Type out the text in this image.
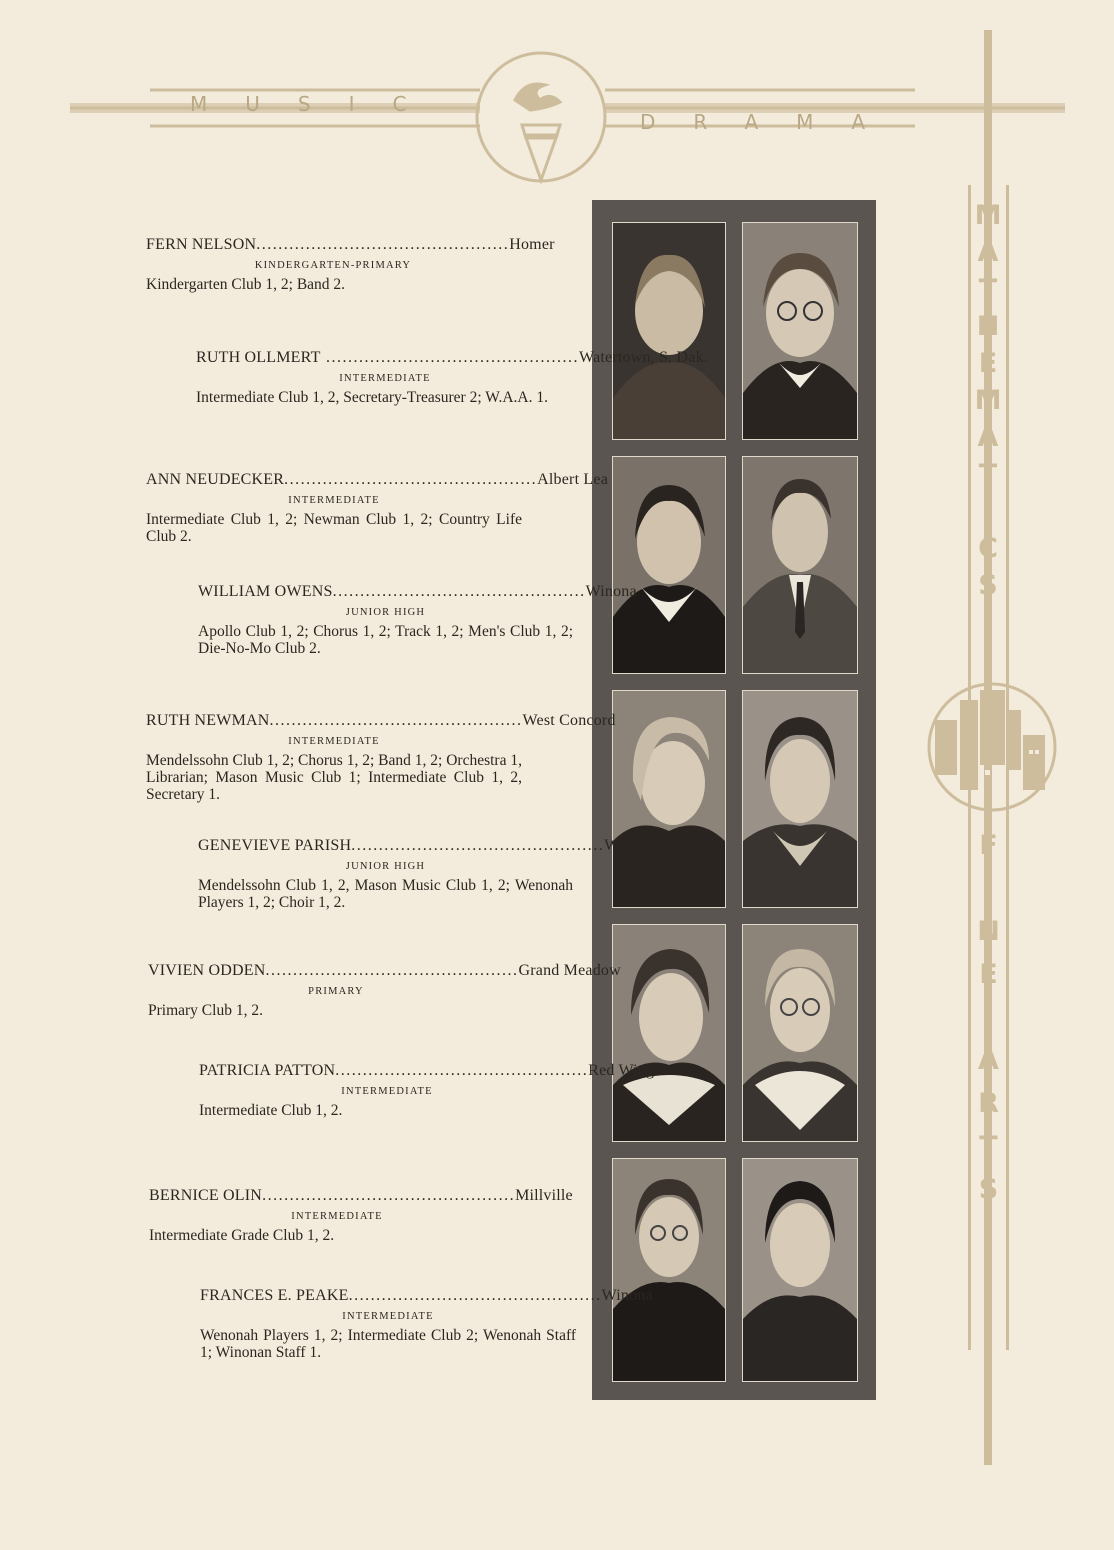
MUSIC
DRAMA
MATHEMATICS
FINE ARTS
FERN NELSON .............................................. Homer
KINDERGARTEN-PRIMARY
Kindergarten Club 1, 2; Band 2.
RUTH OLLMERT .............................................. Watertown, S. Dak.
INTERMEDIATE
Intermediate Club 1, 2, Secretary-Treasurer 2; W.A.A. 1.
ANN NEUDECKER .............................................. Albert Lea
INTERMEDIATE
Intermediate Club 1, 2; Newman Club 1, 2; Country Life Club 2.
WILLIAM OWENS .............................................. Winona
JUNIOR HIGH
Apollo Club 1, 2; Chorus 1, 2; Track 1, 2; Men's Club 1, 2; Die-No-Mo Club 2.
RUTH NEWMAN .............................................. West Concord
INTERMEDIATE
Mendelssohn Club 1, 2; Chorus 1, 2; Band 1, 2; Orchestra 1, Librarian; Mason Music Club 1; Intermediate Club 1, 2, Secretary 1.
GENEVIEVE PARISH .............................................. Winona
JUNIOR HIGH
Mendelssohn Club 1, 2, Mason Music Club 1, 2; Wenonah Players 1, 2; Choir 1, 2.
VIVIEN ODDEN .............................................. Grand Meadow
PRIMARY
Primary Club 1, 2.
PATRICIA PATTON .............................................. Red Wing
INTERMEDIATE
Intermediate Club 1, 2.
BERNICE OLIN .............................................. Millville
INTERMEDIATE
Intermediate Grade Club 1, 2.
FRANCES E. PEAKE .............................................. Winona
INTERMEDIATE
Wenonah Players 1, 2; Intermediate Club 2; Wenonah Staff 1; Winonan Staff 1.
